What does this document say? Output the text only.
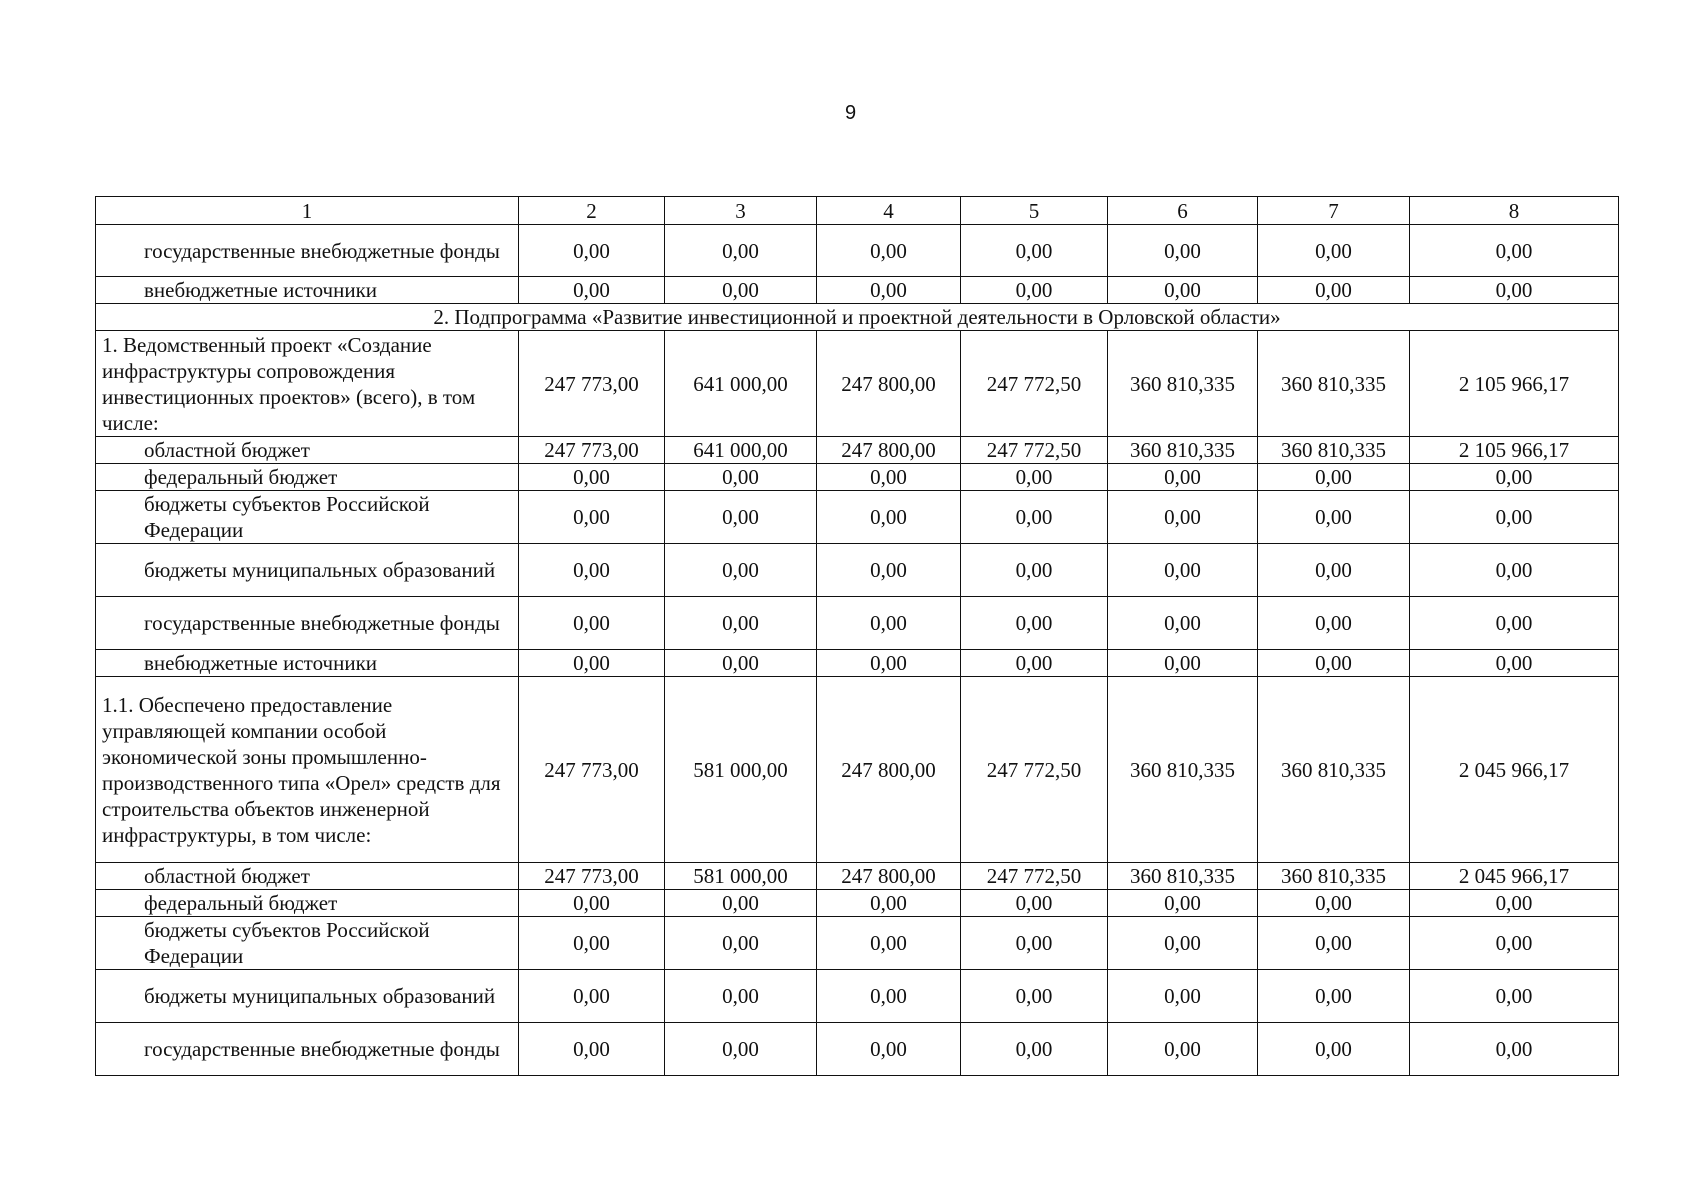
9
1	2	3	4	5	6	7	8
государственные внебюджетные фонды	0,00	0,00	0,00	0,00	0,00	0,00	0,00
внебюджетные источники	0,00	0,00	0,00	0,00	0,00	0,00	0,00
2. Подпрограмма «Развитие инвестиционной и проектной деятельности в Орловской области»							
1. Ведомственный проект «Создание инфраструктуры сопровождения инвестиционных проектов» (всего), в том числе:	247 773,00	641 000,00	247 800,00	247 772,50	360 810,335	360 810,335	2 105 966,17
областной бюджет	247 773,00	641 000,00	247 800,00	247 772,50	360 810,335	360 810,335	2 105 966,17
федеральный бюджет	0,00	0,00	0,00	0,00	0,00	0,00	0,00
бюджеты субъектов Российской Федерации	0,00	0,00	0,00	0,00	0,00	0,00	0,00
бюджеты муниципальных образований	0,00	0,00	0,00	0,00	0,00	0,00	0,00
государственные внебюджетные фонды	0,00	0,00	0,00	0,00	0,00	0,00	0,00
внебюджетные источники	0,00	0,00	0,00	0,00	0,00	0,00	0,00
1.1. Обеспечено предоставление управляющей компании особой экономической зоны промышленно-производственного типа «Орел» средств для строительства объектов инженерной инфраструктуры, в том числе:	247 773,00	581 000,00	247 800,00	247 772,50	360 810,335	360 810,335	2 045 966,17
областной бюджет	247 773,00	581 000,00	247 800,00	247 772,50	360 810,335	360 810,335	2 045 966,17
федеральный бюджет	0,00	0,00	0,00	0,00	0,00	0,00	0,00
бюджеты субъектов Российской Федерации	0,00	0,00	0,00	0,00	0,00	0,00	0,00
бюджеты муниципальных образований	0,00	0,00	0,00	0,00	0,00	0,00	0,00
государственные внебюджетные фонды	0,00	0,00	0,00	0,00	0,00	0,00	0,00
